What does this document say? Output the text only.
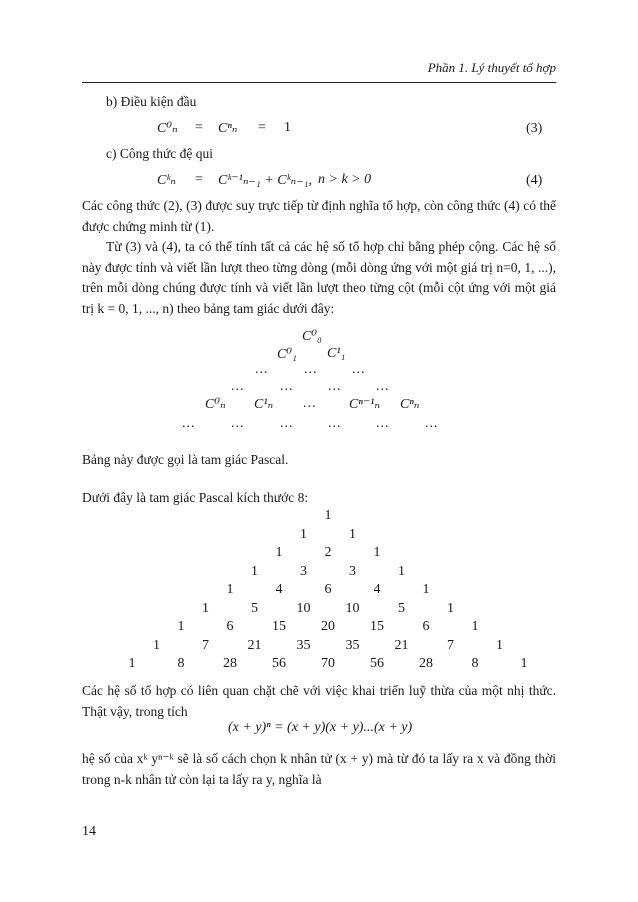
Phần 1. Lý thuyết tổ hợp
b) Điều kiện đầu
C⁰ₙ = Cⁿₙ = 1	(3)
c) Công thức đệ qui
Cᵏₙ = Cᵏ⁻¹ₙ₋₁ + Cᵏₙ₋₁, n > k > 0	(4)
Các công thức (2), (3) được suy trực tiếp từ định nghĩa tổ hợp, còn công thức (4) có thể
được chứng minh từ (1).
Từ (3) và (4), ta có thể tính tất cả các hệ số tổ hợp chỉ bằng phép cộng. Các hệ số
này được tính và viết lần lượt theo từng dòng (mỗi dòng ứng với một giá trị n=0, 1, ...),
trên mỗi dòng chúng được tính và viết lần lượt theo từng cột (mỗi cột ứng với một giá
trị k = 0, 1, ..., n) theo bảng tam giác dưới đây:
C⁰₀
C⁰₁ C¹₁
...	... ...
...	... ... ...
C⁰ₙ C¹ₙ ... Cⁿ⁻¹ₙ Cⁿₙ
...	...	... ... ...	...
Bảng này được gọi là tam giác Pascal.
Dưới đây là tam giác Pascal kích thước 8:
1
1	1
1	2	1
1	3	3	1
1	4	6	4	1
1	5	10	10	5	1
1	6	15	20	15	6	1
1	7	21	35	35	21	7	1
1	8	28	56	70	56	28	8	1
Các hệ số tổ hợp có liên quan chặt chẽ với việc khai triển luỹ thừa của một nhị thức.
Thật vậy, trong tích
(x + y)ⁿ = (x + y)(x + y)...(x + y)
hệ số của xᵏ yⁿ⁻ᵏ sẽ là số cách chọn k nhân tử (x + y) mà từ đó ta lấy ra x và đồng thời
trong n-k nhân tử còn lại ta lấy ra y, nghĩa là
14
